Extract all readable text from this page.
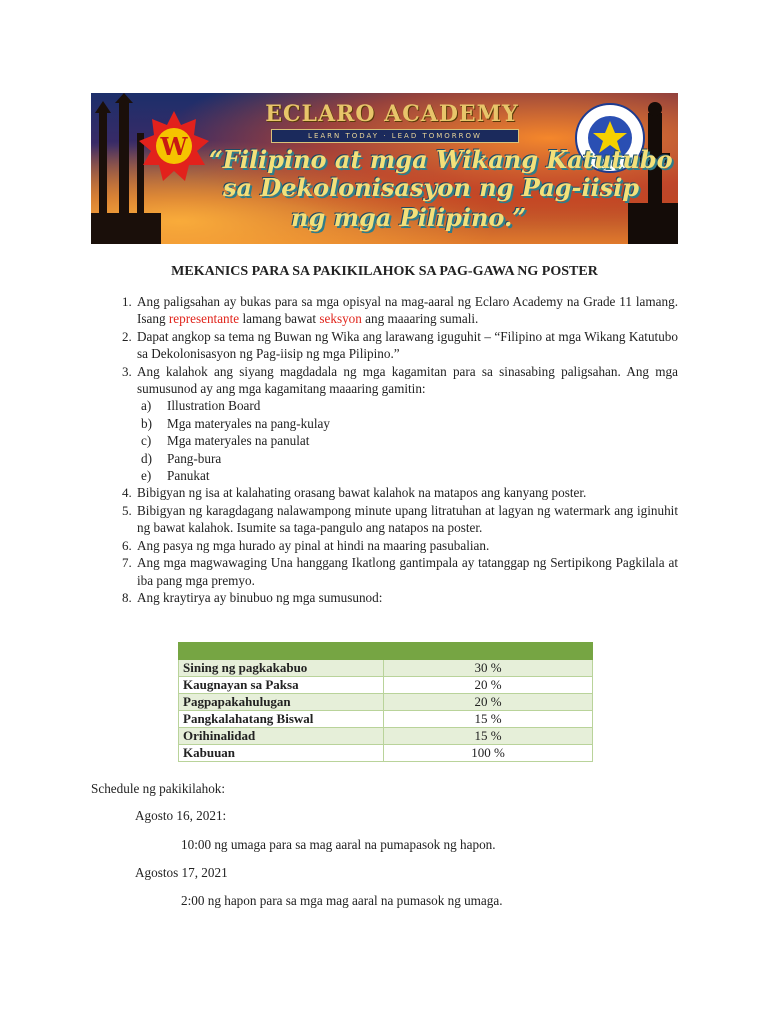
W
ECLARO ACADEMY
LEARN TODAY · LEAD TOMORROW
“Filipino at mga Wikang Katutubo
sa Dekolonisasyon ng Pag-iisip
ng mga Pilipino.”
MEKANICS PARA SA PAKIKILAHOK SA PAG-GAWA NG POSTER
1. Ang paligsahan ay bukas para sa mga opisyal na mag-aaral ng Eclaro Academy na Grade 11 lamang. Isang representante lamang bawat seksyon ang maaaring sumali.
2. Dapat angkop sa tema ng Buwan ng Wika ang larawang iguguhit – “Filipino at mga Wikang Katutubo sa Dekolonisasyon ng Pag-iisip ng mga Pilipino.”
3. Ang kalahok ang siyang magdadala ng mga kagamitan para sa sinasabing paligsahan. Ang mga sumusunod ay ang mga kagamitang maaaring gamitin:
a)	Illustration Board
b)	Mga materyales na pang-kulay
c)	Mga materyales na panulat
d)	Pang-bura
e)	Panukat
4. Bibigyan ng isa at kalahating orasang bawat kalahok na matapos ang kanyang poster.
5. Bibigyan ng karagdagang nalawampong minute upang litratuhan at lagyan ng watermark ang iginuhit ng bawat kalahok. Isumite sa taga-pangulo ang natapos na poster.
6. Ang pasya ng mga hurado ay pinal at hindi na maaring pasubalian.
7. Ang mga magwawaging Una hanggang Ikatlong gantimpala ay tatanggap ng Sertipikong Pagkilala at iba pang mga premyo.
8. Ang kraytirya ay binubuo ng mga sumusunod:

Sining ng pagkakabuo	30 %
Kaugnayan sa Paksa	20 %
Pagpapakahulugan	20 %
Pangkalahatang Biswal	15 %
Orihinalidad	15 %
Kabuuan	100 %
Schedule ng pakikilahok:
Agosto 16, 2021:
10:00 ng umaga para sa mag aaral na pumapasok ng hapon.
Agostos 17, 2021
2:00 ng hapon para sa mga mag aaral na pumasok ng umaga.
